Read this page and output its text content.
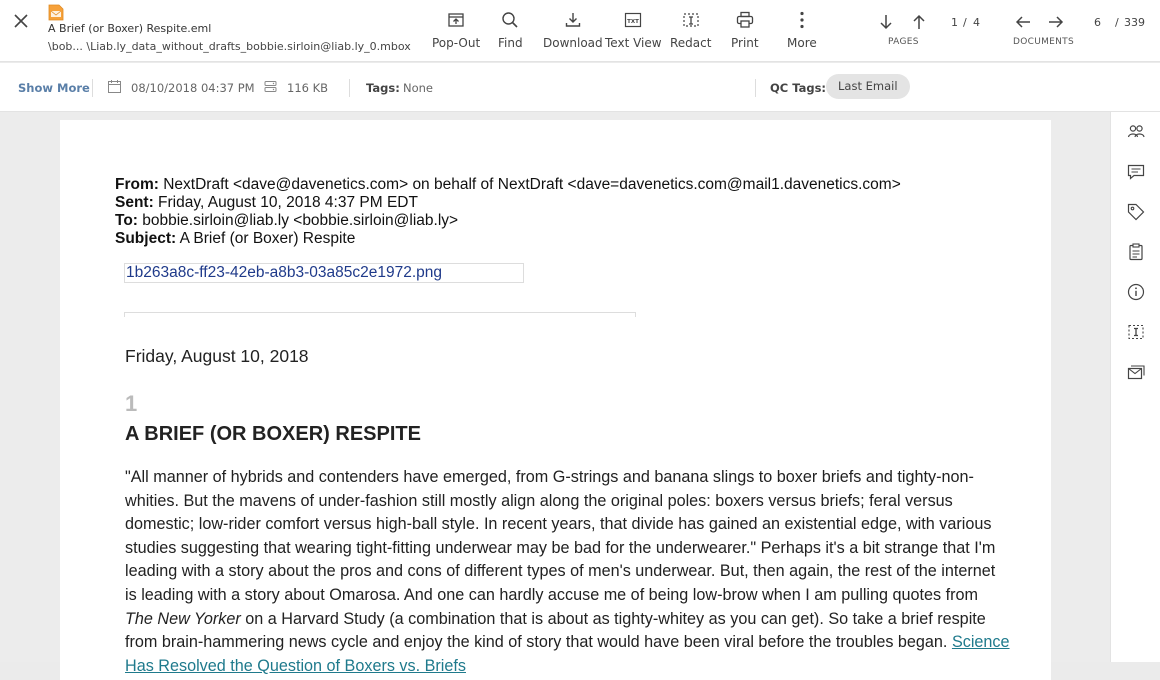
A Brief (or Boxer) Respite.eml
\bob... \Liab.ly_data_without_drafts_bobbie.sirloin@liab.ly_0.mbox Pop-Out Find Download
TXT
Text View Redact Print More
1 / 4
PAGES
6 / 339
DOCUMENTS
Show More	08/10/2018 04:37 PM	116 KB	Tags: None	QC Tags:	Last Email
From: NextDraft <dave@davenetics.com> on behalf of NextDraft <dave=davenetics.com@mail1.davenetics.com>
Sent: Friday, August 10, 2018 4:37 PM EDT
To: bobbie.sirloin@liab.ly <bobbie.sirloin@liab.ly>
Subject: A Brief (or Boxer) Respite
1b263a8c-ff23-42eb-a8b3-03a85c2e1972.png
Friday, August 10, 2018
1
A BRIEF (OR BOXER) RESPITE
"All manner of hybrids and contenders have emerged, from G-strings and banana slings to boxer briefs and tighty-non-whities. But the mavens of under-fashion still mostly align along the original poles: boxers versus briefs; feral versus domestic; low-rider comfort versus high-ball style. In recent years, that divide has gained an existential edge, with various studies suggesting that wearing tight-fitting underwear may be bad for the underwearer." Perhaps it's a bit strange that I'm leading with a story about the pros and cons of different types of men's underwear. But, then again, the rest of the internet is leading with a story about Omarosa. And one can hardly accuse me of being low-brow when I am pulling quotes from The New Yorker on a Harvard Study (a combination that is about as tighty-whitey as you can get). So take a brief respite from brain-hammering news cycle and enjoy the kind of story that would have been viral before the troubles began. Science Has Resolved the Question of Boxers vs. Briefs
